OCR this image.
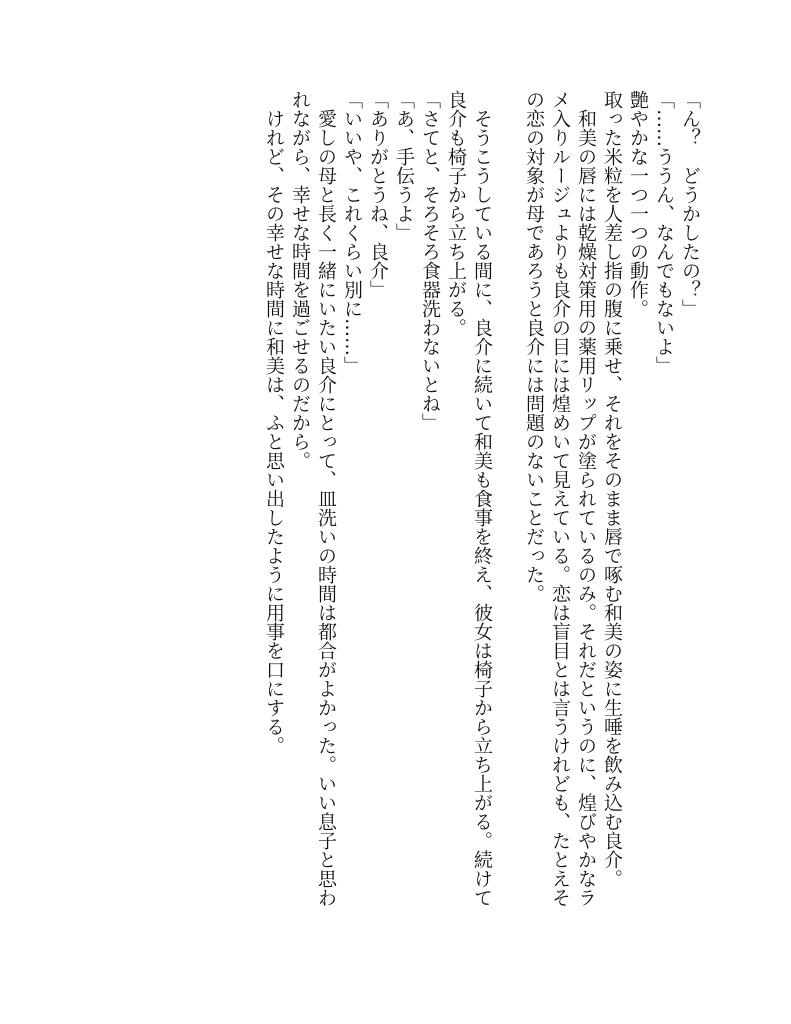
「ん？　どうかしたの？」
「……ううん、なんでもないよ」
艶やかな一つ一つの動作。
取った米粒を人差し指の腹に乗せ、それをそのまま唇で啄む和美の姿に生唾を飲み込む良介。
　和美の唇には乾燥対策用の薬用リップが塗られているのみ。それだというのに、煌びやかなラ
メ入りルージュよりも良介の目には煌めいて見えている。恋は盲目とは言うけれども、たとえそ
の恋の対象が母であろうと良介には問題のないことだった。
　そうこうしている間に、良介に続いて和美も食事を終え、彼女は椅子から立ち上がる。続けて
良介も椅子から立ち上がる。
「さてと、そろそろ食器洗わないとね」
「あ、手伝うよ」
「ありがとうね、良介」
「いいや、これくらい別に……」
　愛しの母と長く一緒にいたい良介にとって、皿洗いの時間は都合がよかった。いい息子と思わ
れながら、幸せな時間を過ごせるのだから。
　けれど、その幸せな時間に和美は、ふと思い出したように用事を口にする。
